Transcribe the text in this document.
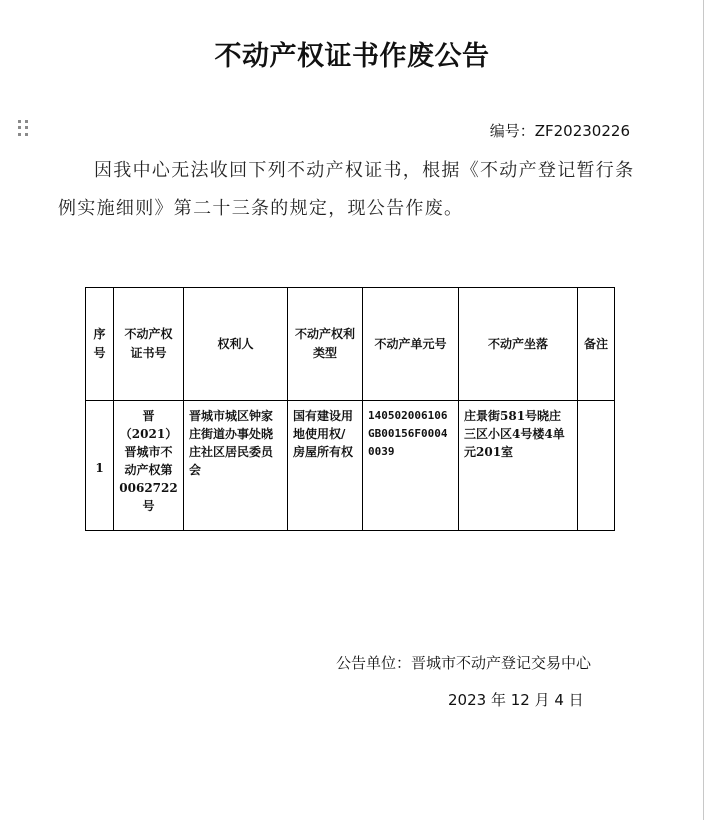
不动产权证书作废公告
编号：ZF20230226
因我中心无法收回下列不动产权证书，根据《不动产登记暂行条例实施细则》第二十三条的规定，现公告作废。
序号	不动产权证书号	权利人	不动产权利类型	不动产单元号	不动产坐落	备注
1	晋（2021）晋城市不动产权第0062722号	晋城市城区钟家庄街道办事处晓庄社区居民委员会	国有建设用地使用权/房屋所有权	140502006106GB00156F00040039	庄景街581号晓庄三区小区4号楼4单元201室	
公告单位：晋城市不动产登记交易中心
2023 年 12 月 4 日
